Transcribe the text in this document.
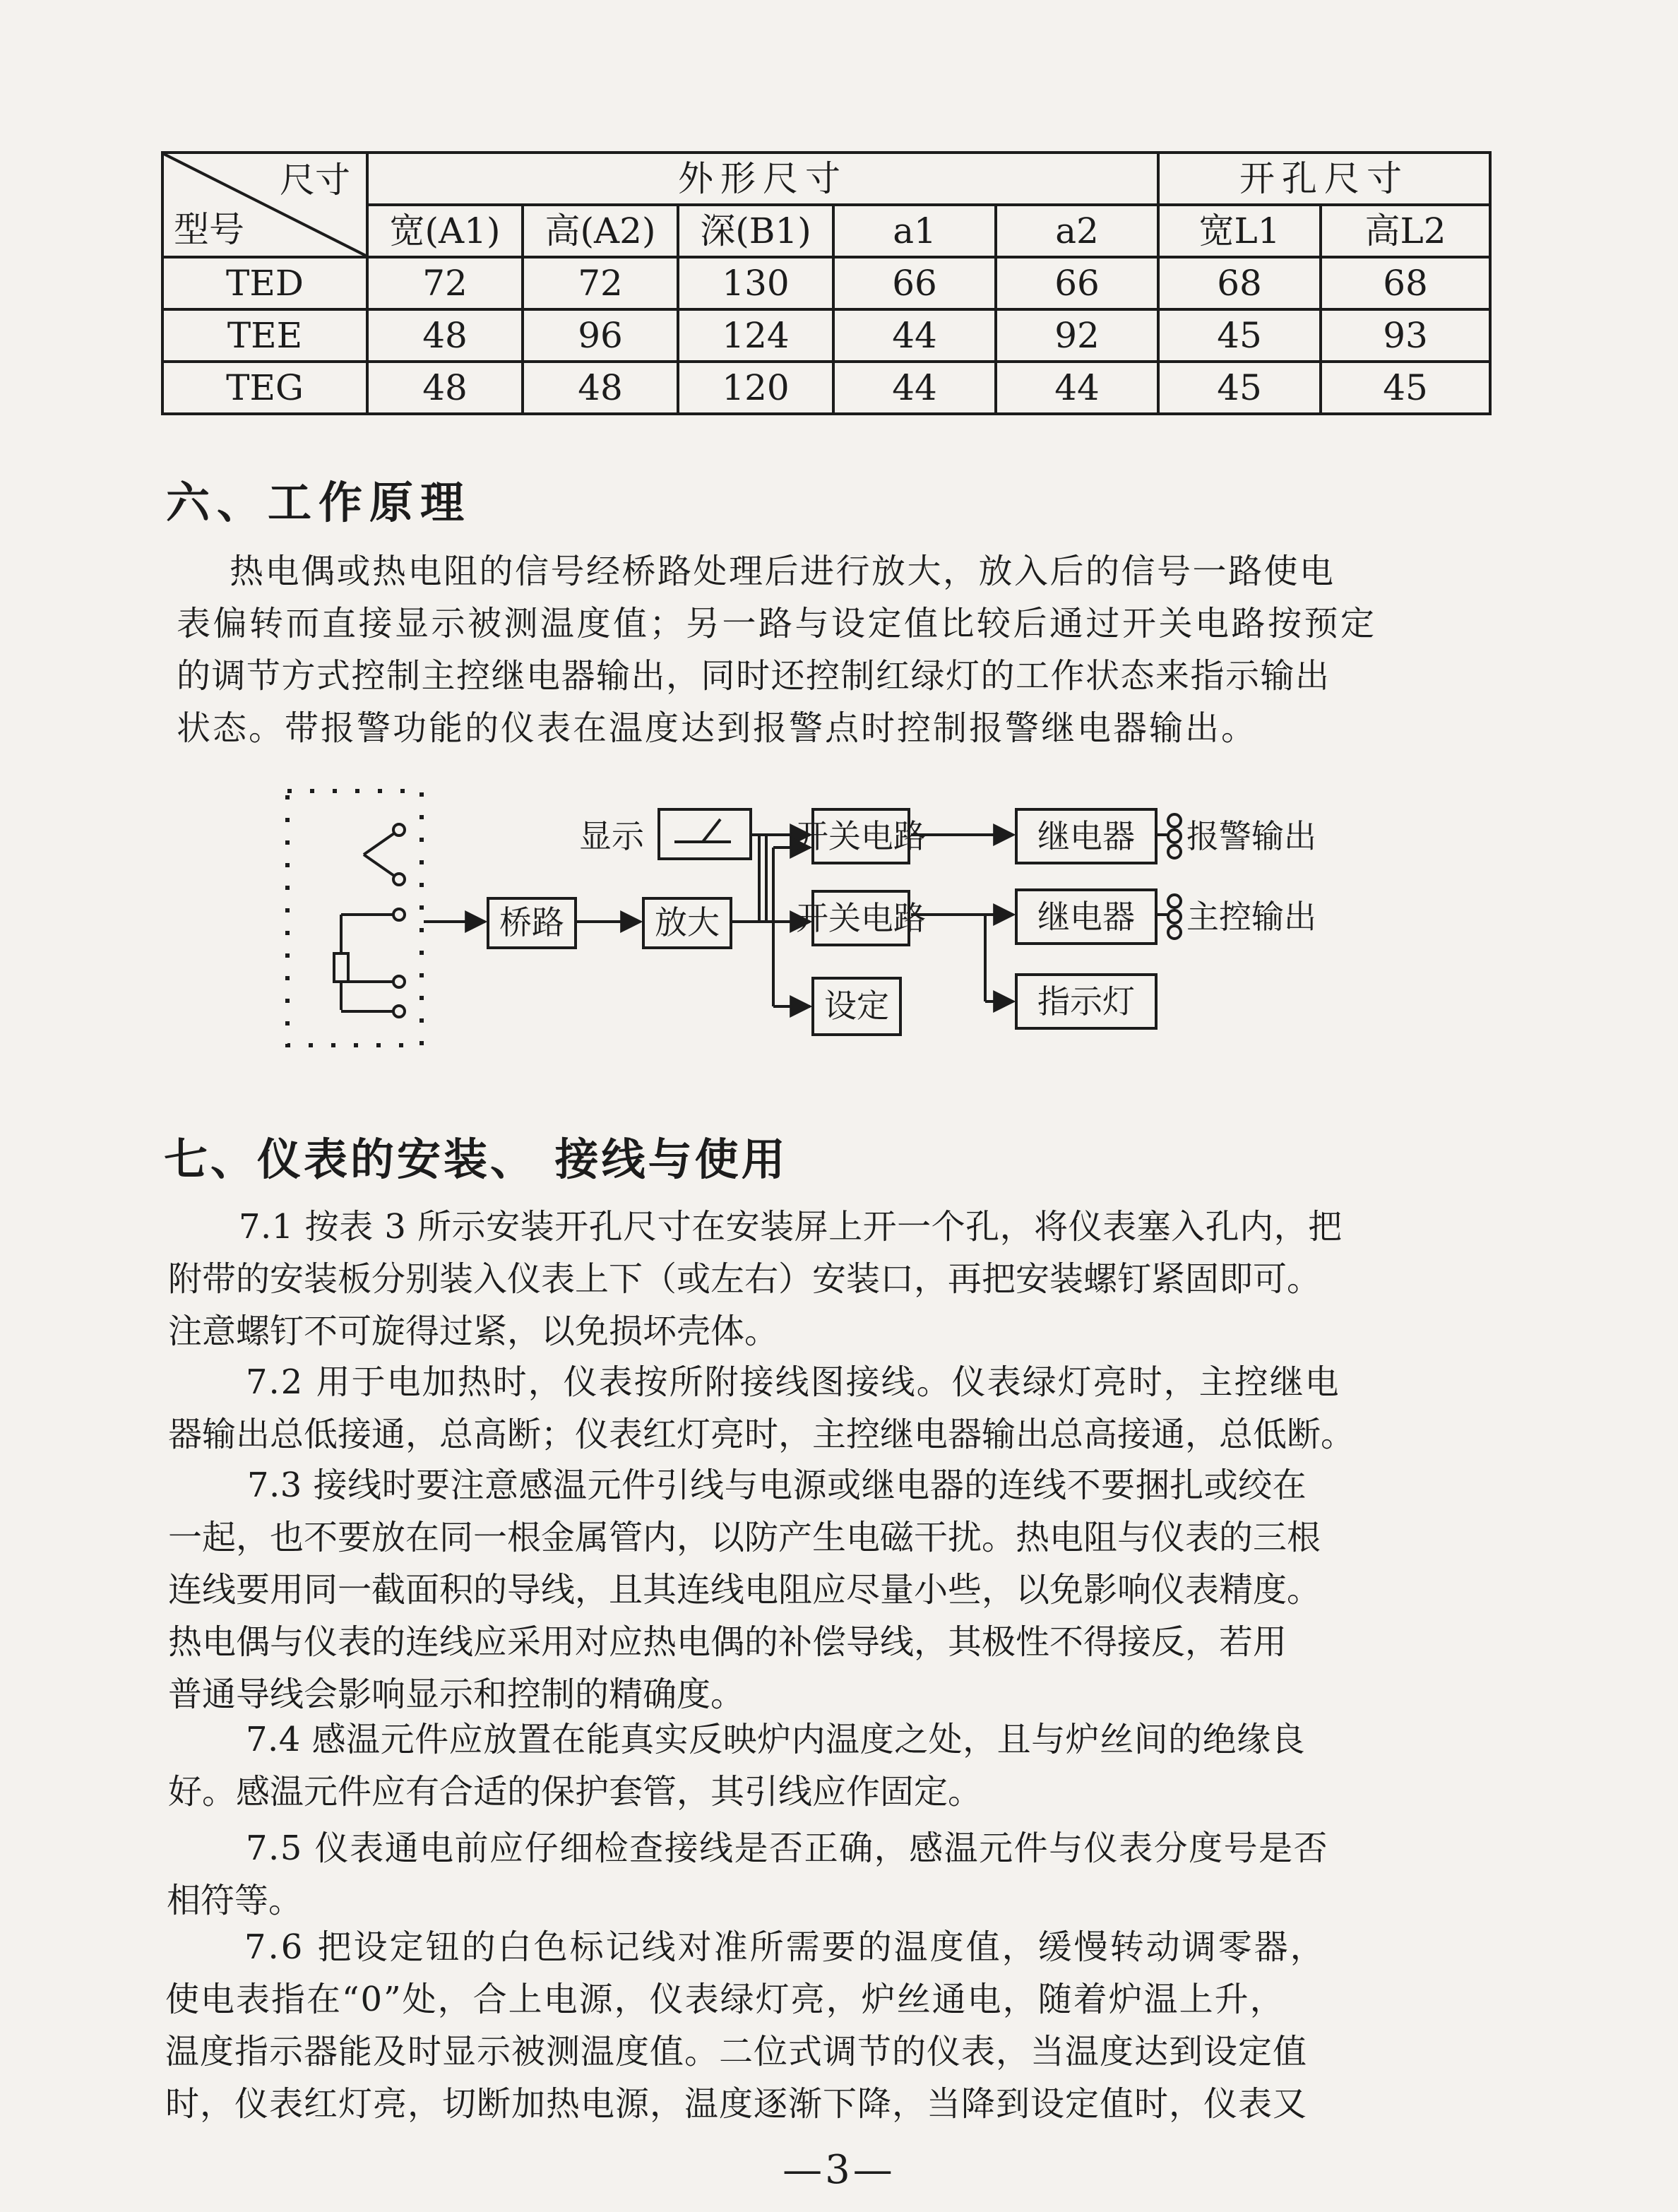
尺寸
型号	外形尺寸					开孔尺寸	
	宽(A1)	高(A2)	深(B1)	a1	a2	宽L1	高L2
TED	72	72	130	66	66	68	68
TEE	48	96	124	44	92	45	93
TEG	48	48	120	44	44	45	45
六、工作原理
热电偶或热电阻的信号经桥路处理后进行放大，放入后的信号一路使电
表偏转而直接显示被测温度值；另一路与设定值比较后通过开关电路按预定
的调节方式控制主控继电器输出，同时还控制红绿灯的工作状态来指示输出
状态。带报警功能的仪表在温度达到报警点时控制报警继电器输出。
显示
桥路	放大
开关电路
开关电路
设定
继电器
继电器
指示灯
报警输出
主控输出
七、仪表的安装、 接线与使用
7.1 按表 3 所示安装开孔尺寸在安装屏上开一个孔，将仪表塞入孔内，把
附带的安装板分别装入仪表上下（或左右）安装口，再把安装螺钉紧固即可。
注意螺钉不可旋得过紧，以免损坏壳体。
7.2 用于电加热时，仪表按所附接线图接线。仪表绿灯亮时，主控继电
器输出总低接通，总高断；仪表红灯亮时，主控继电器输出总高接通，总低断。
7.3 接线时要注意感温元件引线与电源或继电器的连线不要捆扎或绞在
一起，也不要放在同一根金属管内，以防产生电磁干扰。热电阻与仪表的三根
连线要用同一截面积的导线，且其连线电阻应尽量小些，以免影响仪表精度。
热电偶与仪表的连线应采用对应热电偶的补偿导线，其极性不得接反，若用
普通导线会影响显示和控制的精确度。
7.4 感温元件应放置在能真实反映炉内温度之处，且与炉丝间的绝缘良
好。感温元件应有合适的保护套管，其引线应作固定。
7.5 仪表通电前应仔细检查接线是否正确，感温元件与仪表分度号是否
相符等。
7.6 把设定钮的白色标记线对准所需要的温度值，缓慢转动调零器，
使电表指在“0”处，合上电源，仪表绿灯亮，炉丝通电，随着炉温上升，
温度指示器能及时显示被测温度值。二位式调节的仪表，当温度达到设定值
时，仪表红灯亮，切断加热电源，温度逐渐下降，当降到设定值时，仪表又

—3—
